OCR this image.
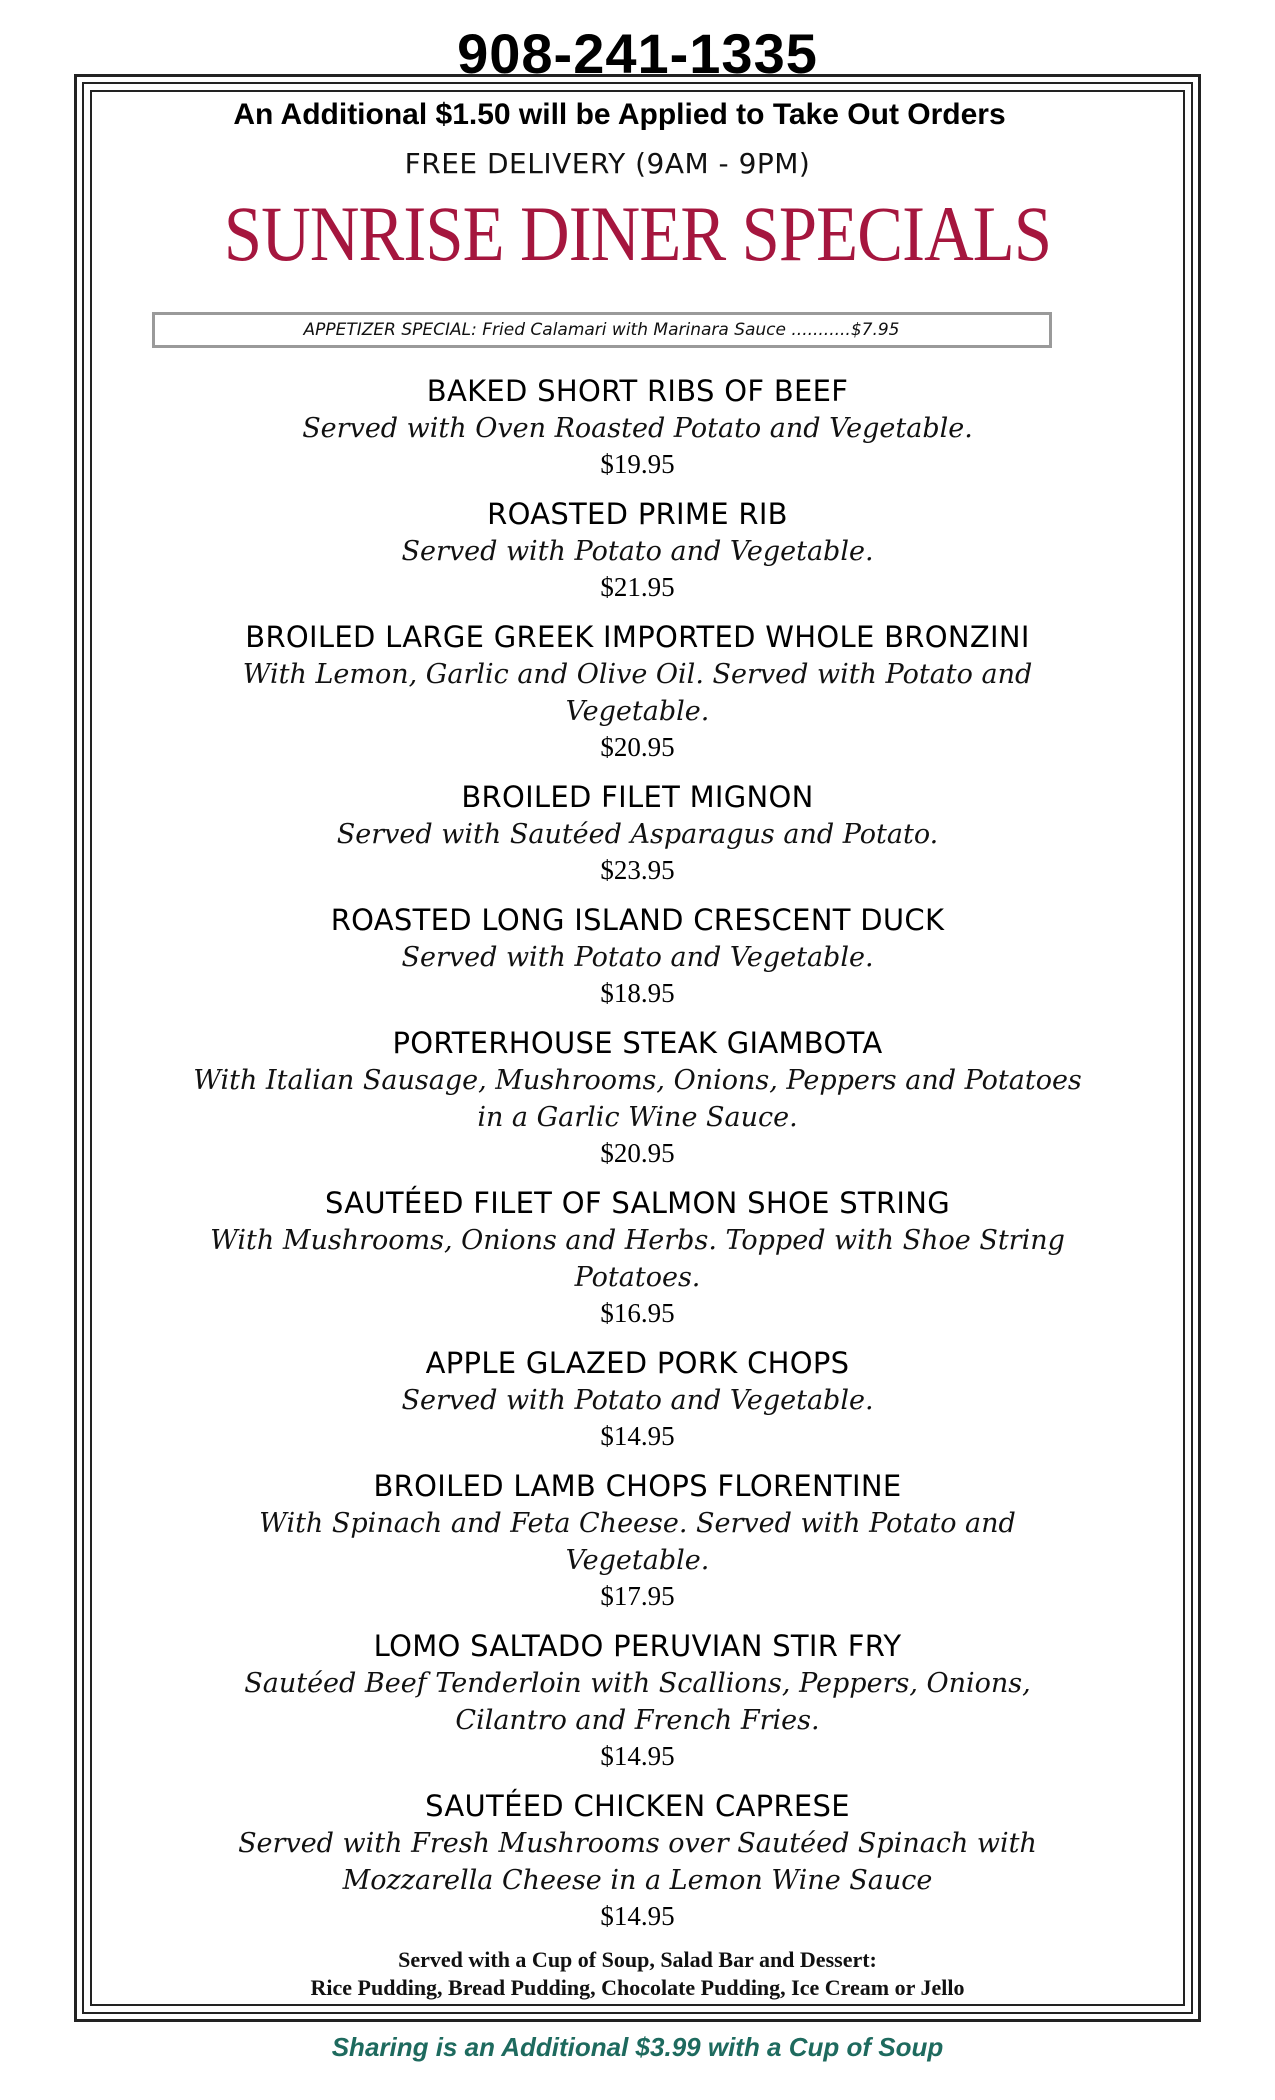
908-241-1335
An Additional $1.50 will be Applied to Take Out Orders
FREE DELIVERY (9AM - 9PM)
SUNRISE DINER SPECIALS
APPETIZER SPECIAL: Fried Calamari with Marinara Sauce ...........$7.95
BAKED SHORT RIBS OF BEEF
Served with Oven Roasted Potato and Vegetable.
$19.95
ROASTED PRIME RIB
Served with Potato and Vegetable.
$21.95
BROILED LARGE GREEK IMPORTED WHOLE BRONZINI
With Lemon, Garlic and Olive Oil. Served with Potato and Vegetable.
$20.95
BROILED FILET MIGNON
Served with Sautéed Asparagus and Potato.
$23.95
ROASTED LONG ISLAND CRESCENT DUCK
Served with Potato and Vegetable.
$18.95
PORTERHOUSE STEAK GIAMBOTA
With Italian Sausage, Mushrooms, Onions, Peppers and Potatoes in a Garlic Wine Sauce.
$20.95
SAUTÉED FILET OF SALMON SHOE STRING
With Mushrooms, Onions and Herbs. Topped with Shoe String Potatoes.
$16.95
APPLE GLAZED PORK CHOPS
Served with Potato and Vegetable.
$14.95
BROILED LAMB CHOPS FLORENTINE
With Spinach and Feta Cheese. Served with Potato and Vegetable.
$17.95
LOMO SALTADO PERUVIAN STIR FRY
Sautéed Beef Tenderloin with Scallions, Peppers, Onions, Cilantro and French Fries.
$14.95
SAUTÉED CHICKEN CAPRESE
Served with Fresh Mushrooms over Sautéed Spinach with Mozzarella Cheese in a Lemon Wine Sauce
$14.95
Served with a Cup of Soup, Salad Bar and Dessert:
Rice Pudding, Bread Pudding, Chocolate Pudding, Ice Cream or Jello
Sharing is an Additional $3.99 with a Cup of Soup
